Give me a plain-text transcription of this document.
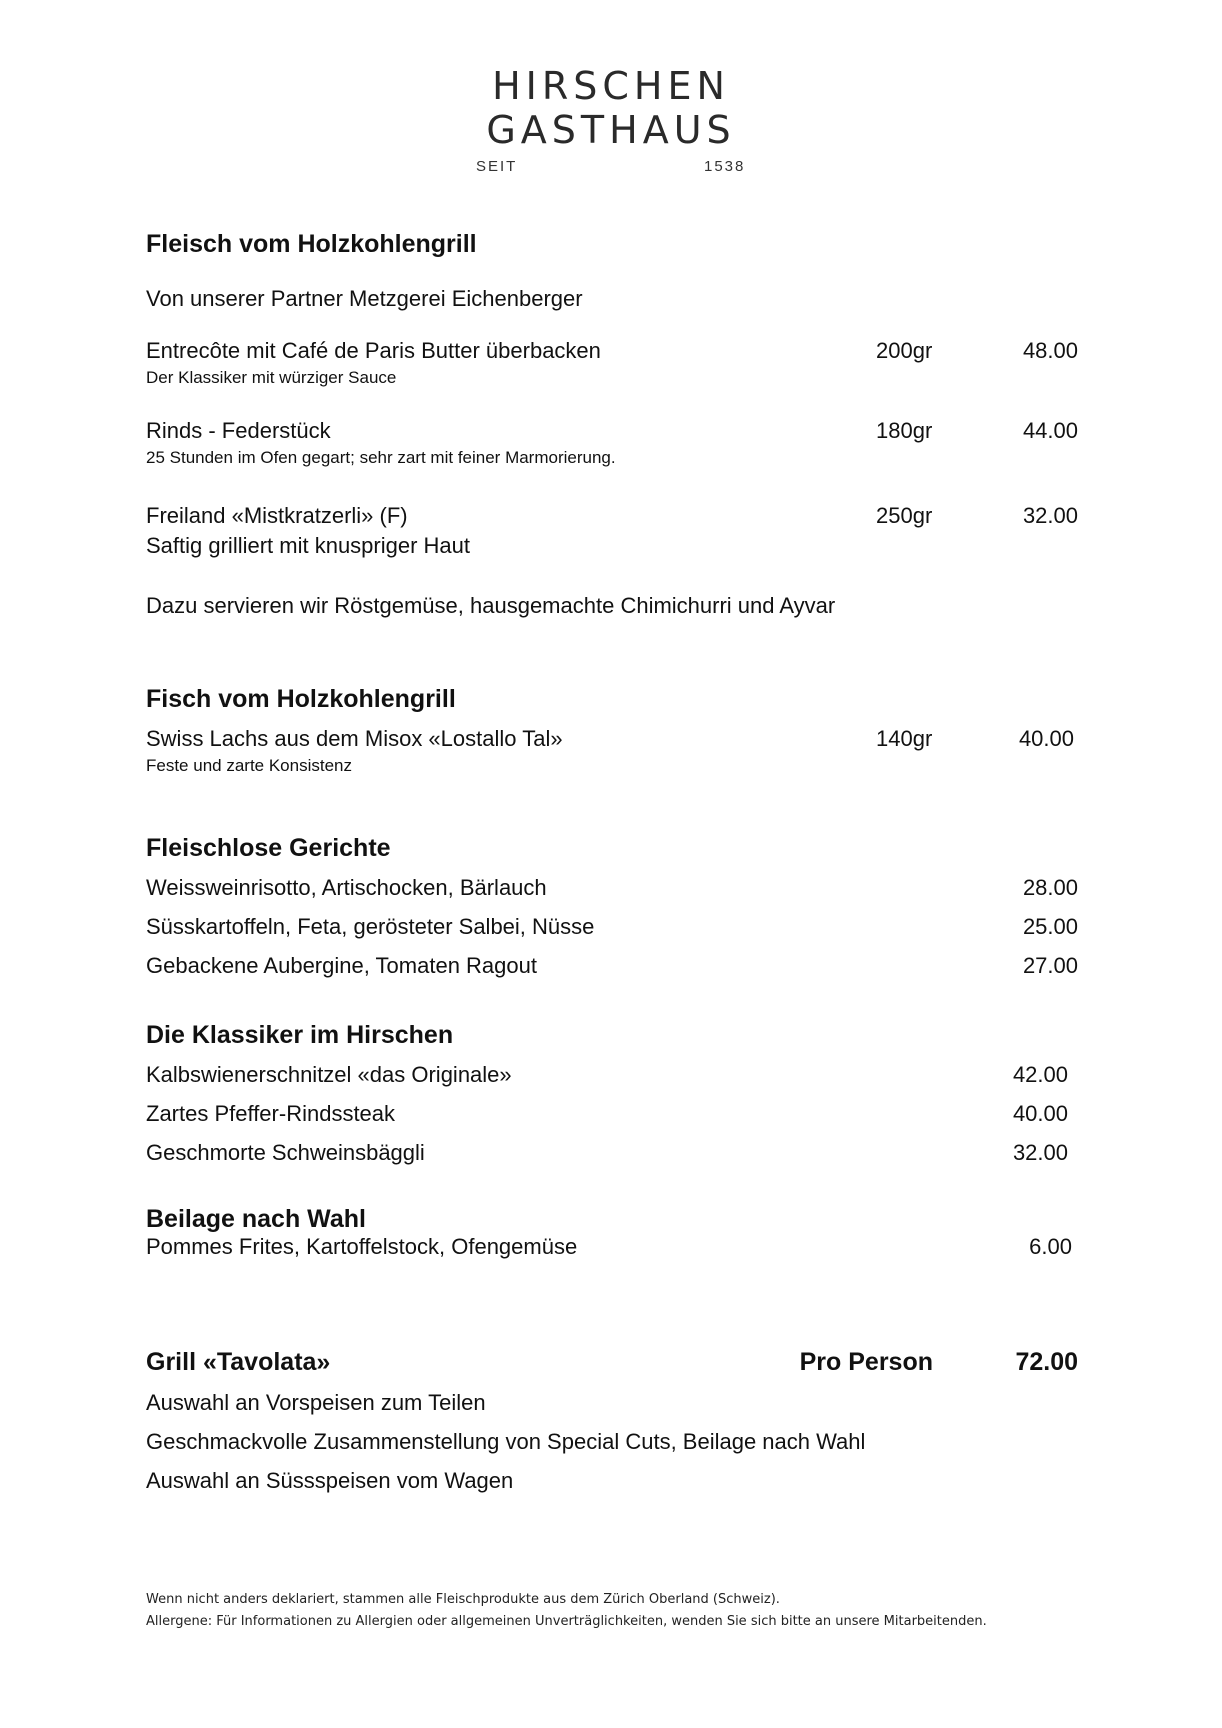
HIRSCHEN
GASTHAUS
SEIT	1538
Fleisch vom Holzkohlengrill
Von unserer Partner Metzgerei Eichenberger
Entrecôte mit Café de Paris Butter überbacken	200gr	48.00
Der Klassiker mit würziger Sauce
Rinds - Federstück	180gr	44.00
25 Stunden im Ofen gegart; sehr zart mit feiner Marmorierung.
Freiland «Mistkratzerli» (F)	250gr	32.00
Saftig grilliert mit knuspriger Haut
Dazu servieren wir Röstgemüse, hausgemachte Chimichurri und Ayvar
Fisch vom Holzkohlengrill
Swiss Lachs aus dem Misox «Lostallo Tal»	140gr	40.00
Feste und zarte Konsistenz
Fleischlose Gerichte
Weissweinrisotto, Artischocken, Bärlauch	28.00
Süsskartoffeln, Feta, gerösteter Salbei, Nüsse	25.00
Gebackene Aubergine, Tomaten Ragout	27.00
Die Klassiker im Hirschen
Kalbswienerschnitzel «das Originale»	42.00
Zartes Pfeffer-Rindssteak	40.00
Geschmorte Schweinsbäggli	32.00
Beilage nach Wahl
Pommes Frites, Kartoffelstock, Ofengemüse	6.00
Grill «Tavolata»	Pro Person	72.00
Auswahl an Vorspeisen zum Teilen
Geschmackvolle Zusammenstellung von Special Cuts, Beilage nach Wahl
Auswahl an Süssspeisen vom Wagen
Wenn nicht anders deklariert, stammen alle Fleischprodukte aus dem Zürich Oberland (Schweiz).
Allergene: Für Informationen zu Allergien oder allgemeinen Unverträglichkeiten, wenden Sie sich bitte an unsere Mitarbeitenden.
